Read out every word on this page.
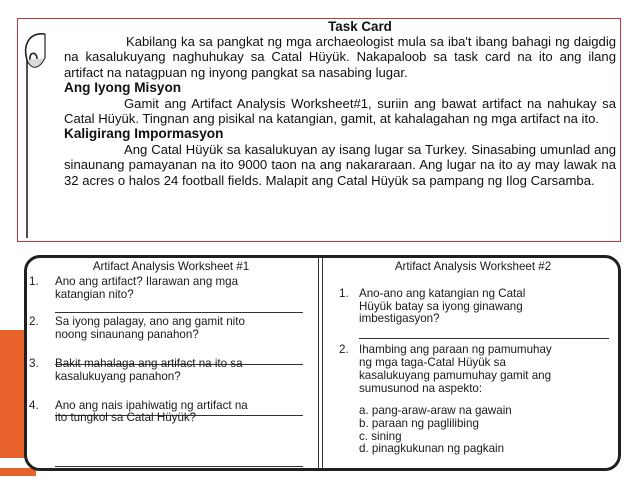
Task Card

Kabilang ka sa pangkat ng mga archaeologist mula sa iba't ibang bahagi ng daigdig na kasalukuyang naghuhukay sa Catal Hüyük. Nakapaloob sa task card na ito ang ilang artifact na natagpuan ng inyong pangkat sa nasabing lugar.

Ang Iyong Misyon

Gamit ang Artifact Analysis Worksheet#1, suriin ang bawat artifact na nahukay sa Catal Hüyük. Tingnan ang pisikal na katangian, gamit, at kahalagahan ng mga artifact na ito.

Kaligirang Impormasyon

Ang Catal Hüyük sa kasalukuyan ay isang lugar sa Turkey. Sinasabing umunlad ang sinaunang pamayanan na ito 9000 taon na ang nakararaan. Ang lugar na ito ay may lawak na 32 acres o halos 24 football fields. Malapit ang Catal Hüyük sa pampang ng Ilog Carsamba.

Artifact Analysis Worksheet #1

1. Ano ang artifact? Ilarawan ang mga
katangian nito?
2. Sa iyong palagay, ano ang gamit nito
noong sinaunang panahon?
3. Bakit mahalaga ang artifact na ito sa
kasalukuyang panahon?
4. Ano ang nais ipahiwatig ng artifact na
ito tungkol sa Catal Hüyük?

Artifact Analysis Worksheet #2

1. Ano-ano ang katangian ng Catal
Hüyük batay sa iyong ginawang
imbestigasyon?
2. Ihambing ang paraan ng pamumuhay
ng mga taga-Catal Hüyük sa
kasalukuyang pamumuhay gamit ang
sumusunod na aspekto:

a. pang-araw-araw na gawain

b. paraan ng paglilibing

c. sining

d. pinagkukunan ng pagkain
